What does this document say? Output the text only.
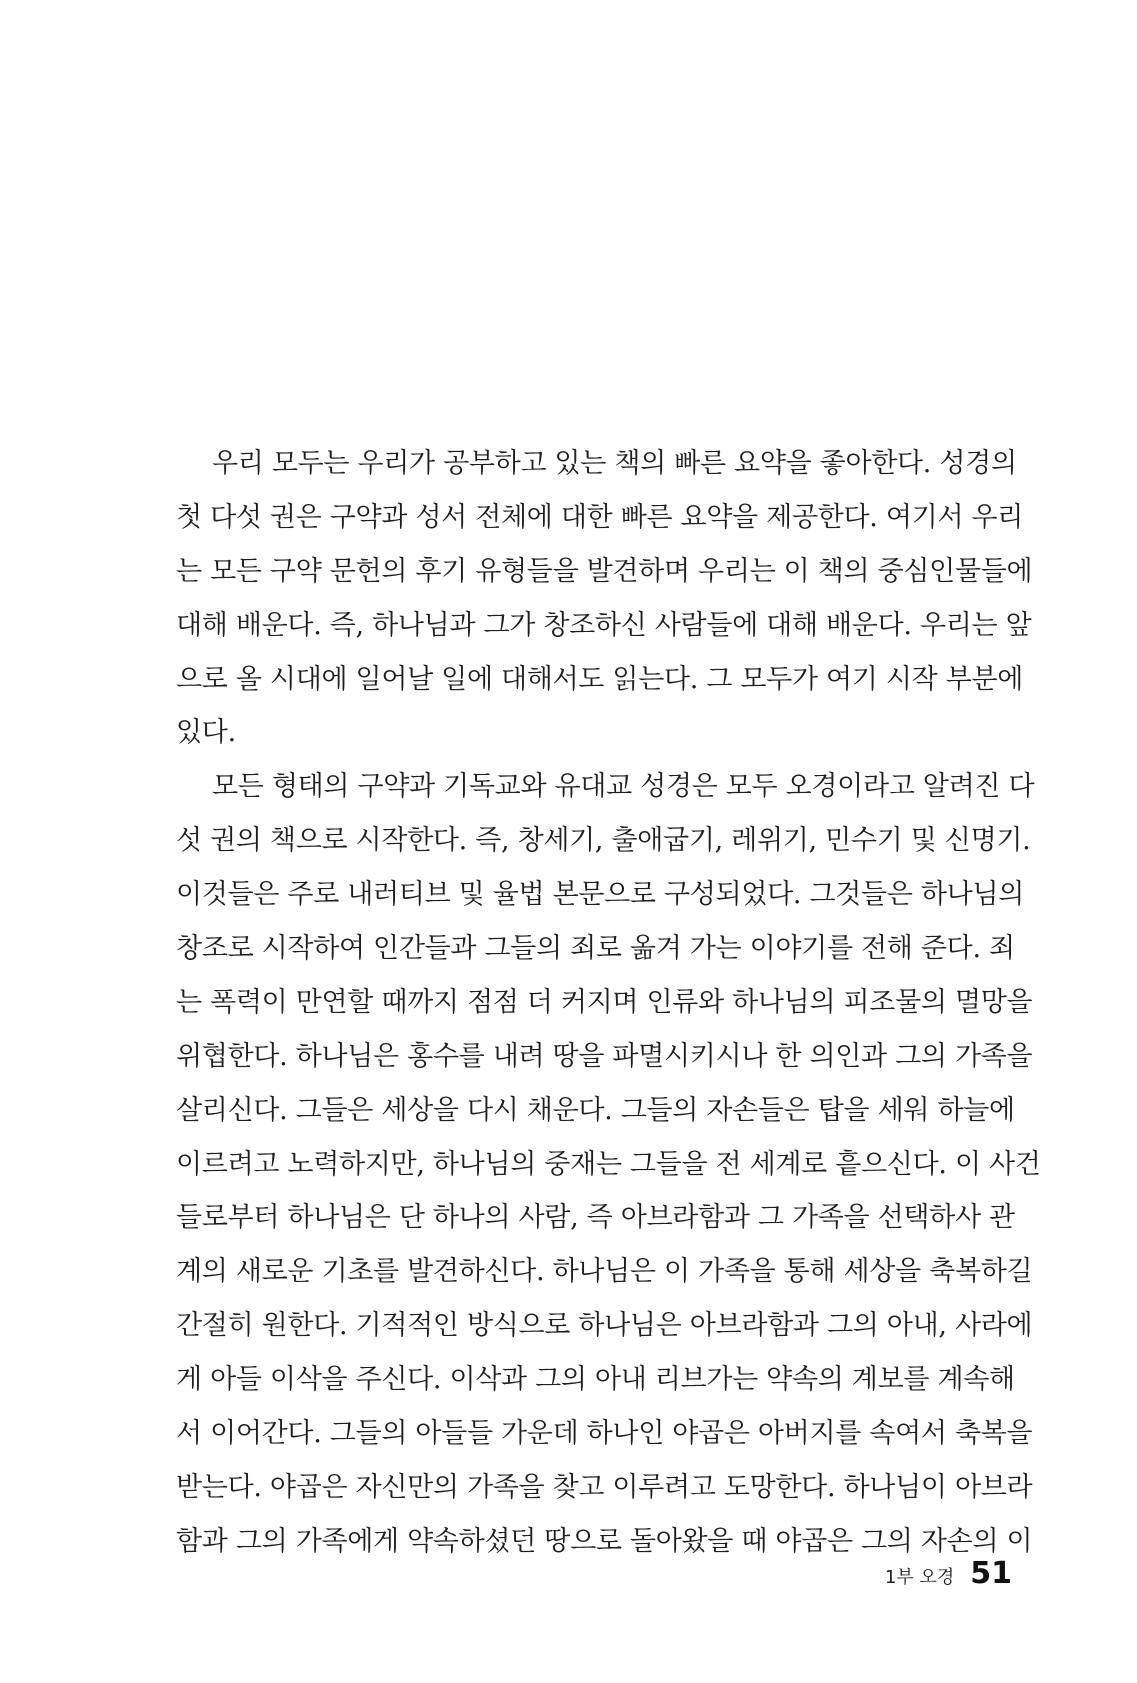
우리 모두는 우리가 공부하고 있는 책의 빠른 요약을 좋아한다. 성경의
첫 다섯 권은 구약과 성서 전체에 대한 빠른 요약을 제공한다. 여기서 우리
는 모든 구약 문헌의 후기 유형들을 발견하며 우리는 이 책의 중심인물들에
대해 배운다. 즉, 하나님과 그가 창조하신 사람들에 대해 배운다. 우리는 앞
으로 올 시대에 일어날 일에 대해서도 읽는다. 그 모두가 여기 시작 부분에
있다.
모든 형태의 구약과 기독교와 유대교 성경은 모두 오경이라고 알려진 다
섯 권의 책으로 시작한다. 즉, 창세기, 출애굽기, 레위기, 민수기 및 신명기.
이것들은 주로 내러티브 및 율법 본문으로 구성되었다. 그것들은 하나님의
창조로 시작하여 인간들과 그들의 죄로 옮겨 가는 이야기를 전해 준다. 죄
는 폭력이 만연할 때까지 점점 더 커지며 인류와 하나님의 피조물의 멸망을
위협한다. 하나님은 홍수를 내려 땅을 파멸시키시나 한 의인과 그의 가족을
살리신다. 그들은 세상을 다시 채운다. 그들의 자손들은 탑을 세워 하늘에
이르려고 노력하지만, 하나님의 중재는 그들을 전 세계로 흩으신다. 이 사건
들로부터 하나님은 단 하나의 사람, 즉 아브라함과 그 가족을 선택하사 관
계의 새로운 기초를 발견하신다. 하나님은 이 가족을 통해 세상을 축복하길
간절히 원한다. 기적적인 방식으로 하나님은 아브라함과 그의 아내, 사라에
게 아들 이삭을 주신다. 이삭과 그의 아내 리브가는 약속의 계보를 계속해
서 이어간다. 그들의 아들들 가운데 하나인 야곱은 아버지를 속여서 축복을
받는다. 야곱은 자신만의 가족을 찾고 이루려고 도망한다. 하나님이 아브라
함과 그의 가족에게 약속하셨던 땅으로 돌아왔을 때 야곱은 그의 자손의 이
1부 오경 51
